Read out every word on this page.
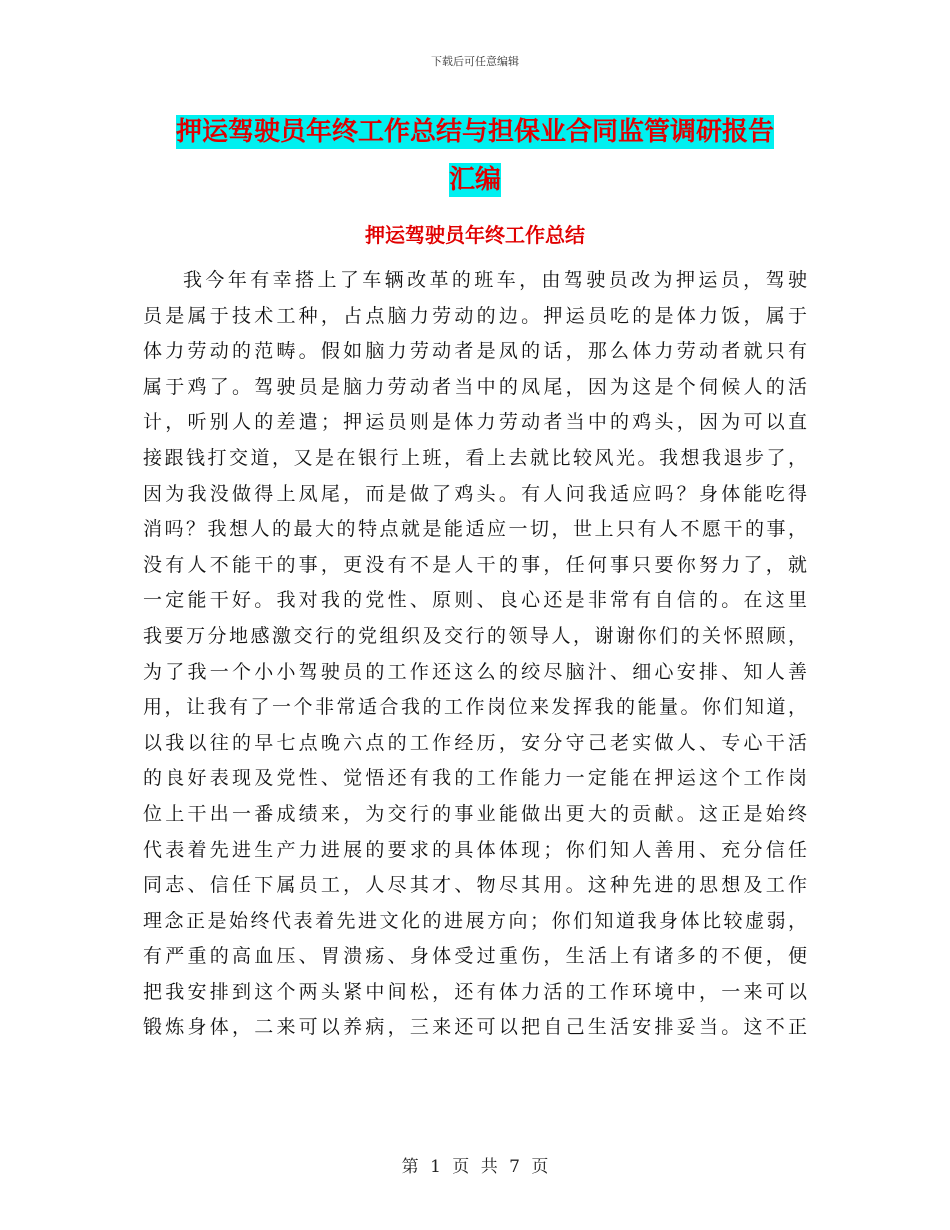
下载后可任意编辑
押运驾驶员年终工作总结与担保业合同监管调研报告
汇编
押运驾驶员年终工作总结
我今年有幸搭上了车辆改革的班车，由驾驶员改为押运员，驾驶
员是属于技术工种，占点脑力劳动的边。押运员吃的是体力饭，属于
体力劳动的范畴。假如脑力劳动者是凤的话，那么体力劳动者就只有
属于鸡了。驾驶员是脑力劳动者当中的凤尾，因为这是个伺候人的活
计，听别人的差遣；押运员则是体力劳动者当中的鸡头，因为可以直
接跟钱打交道，又是在银行上班，看上去就比较风光。我想我退步了，
因为我没做得上凤尾，而是做了鸡头。有人问我适应吗？身体能吃得
消吗？我想人的最大的特点就是能适应一切，世上只有人不愿干的事，
没有人不能干的事，更没有不是人干的事，任何事只要你努力了，就
一定能干好。我对我的党性、原则、良心还是非常有自信的。在这里
我要万分地感激交行的党组织及交行的领导人，谢谢你们的关怀照顾，
为了我一个小小驾驶员的工作还这么的绞尽脑汁、细心安排、知人善
用，让我有了一个非常适合我的工作岗位来发挥我的能量。你们知道，
以我以往的早七点晚六点的工作经历，安分守己老实做人、专心干活
的良好表现及党性、觉悟还有我的工作能力一定能在押运这个工作岗
位上干出一番成绩来，为交行的事业能做出更大的贡献。这正是始终
代表着先进生产力进展的要求的具体体现；你们知人善用、充分信任
同志、信任下属员工，人尽其才、物尽其用。这种先进的思想及工作
理念正是始终代表着先进文化的进展方向；你们知道我身体比较虚弱，
有严重的高血压、胃溃疡、身体受过重伤，生活上有诸多的不便，便
把我安排到这个两头紧中间松，还有体力活的工作环境中，一来可以
锻炼身体，二来可以养病，三来还可以把自己生活安排妥当。这不正
第 1 页 共 7 页
